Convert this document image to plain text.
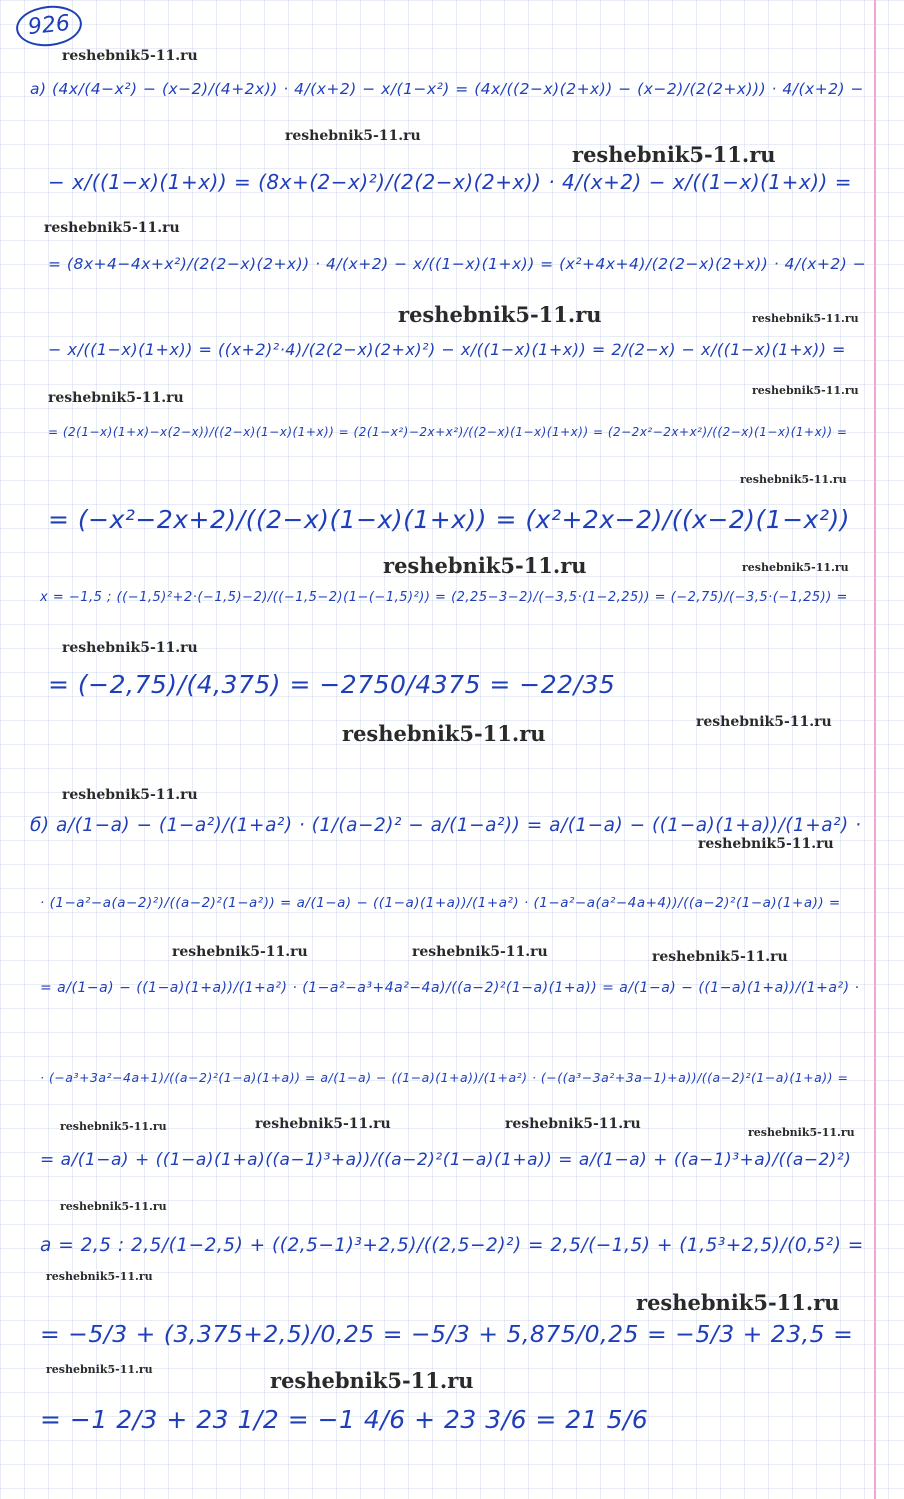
926
а) (4x/(4−x²) − (x−2)/(4+2x)) · 4/(x+2) − x/(1−x²) = (4x/((2−x)(2+x)) − (x−2)/(2(2+x))) · 4/(x+2) −
− x/((1−x)(1+x)) = (8x+(2−x)²)/(2(2−x)(2+x)) · 4/(x+2) − x/((1−x)(1+x)) =
= (8x+4−4x+x²)/(2(2−x)(2+x)) · 4/(x+2) − x/((1−x)(1+x)) = (x²+4x+4)/(2(2−x)(2+x)) · 4/(x+2) −
− x/((1−x)(1+x)) = ((x+2)²·4)/(2(2−x)(2+x)²) − x/((1−x)(1+x)) = 2/(2−x) − x/((1−x)(1+x)) =
= (2(1−x)(1+x)−x(2−x))/((2−x)(1−x)(1+x)) = (2(1−x²)−2x+x²)/((2−x)(1−x)(1+x)) = (2−2x²−2x+x²)/((2−x)(1−x)(1+x)) =
= (−x²−2x+2)/((2−x)(1−x)(1+x)) = (x²+2x−2)/((x−2)(1−x²))
x = −1,5 ; ((−1,5)²+2·(−1,5)−2)/((−1,5−2)(1−(−1,5)²)) = (2,25−3−2)/(−3,5·(1−2,25)) = (−2,75)/(−3,5·(−1,25)) =
= (−2,75)/(4,375) = −2750/4375 = −22/35
б) a/(1−a) − (1−a²)/(1+a²) · (1/(a−2)² − a/(1−a²)) = a/(1−a) − ((1−a)(1+a))/(1+a²) ·
· (1−a²−a(a−2)²)/((a−2)²(1−a²)) = a/(1−a) − ((1−a)(1+a))/(1+a²) · (1−a²−a(a²−4a+4))/((a−2)²(1−a)(1+a)) =
= a/(1−a) − ((1−a)(1+a))/(1+a²) · (1−a²−a³+4a²−4a)/((a−2)²(1−a)(1+a)) = a/(1−a) − ((1−a)(1+a))/(1+a²) ·
· (−a³+3a²−4a+1)/((a−2)²(1−a)(1+a)) = a/(1−a) − ((1−a)(1+a))/(1+a²) · (−((a³−3a²+3a−1)+a))/((a−2)²(1−a)(1+a)) =
= a/(1−a) + ((1−a)(1+a)((a−1)³+a))/((a−2)²(1−a)(1+a)) = a/(1−a) + ((a−1)³+a)/((a−2)²)
a = 2,5 : 2,5/(1−2,5) + ((2,5−1)³+2,5)/((2,5−2)²) = 2,5/(−1,5) + (1,5³+2,5)/(0,5²) =
= −5/3 + (3,375+2,5)/0,25 = −5/3 + 5,875/0,25 = −5/3 + 23,5 =
= −1 2/3 + 23 1/2 = −1 4/6 + 23 3/6 = 21 5/6
reshebnik5-11.ru
reshebnik5-11.ru
reshebnik5-11.ru
reshebnik5-11.ru
reshebnik5-11.ru	reshebnik5-11.ru
reshebnik5-11.ru
reshebnik5-11.ru
reshebnik5-11.ru
reshebnik5-11.ru	reshebnik5-11.ru
reshebnik5-11.ru
reshebnik5-11.ru
reshebnik5-11.ru
reshebnik5-11.ru
reshebnik5-11.ru
reshebnik5-11.ru	reshebnik5-11.ru	reshebnik5-11.ru
reshebnik5-11.ru	reshebnik5-11.ru	reshebnik5-11.ru
reshebnik5-11.ru
reshebnik5-11.ru
reshebnik5-11.ru
reshebnik5-11.ru
reshebnik5-11.ru	reshebnik5-11.ru
